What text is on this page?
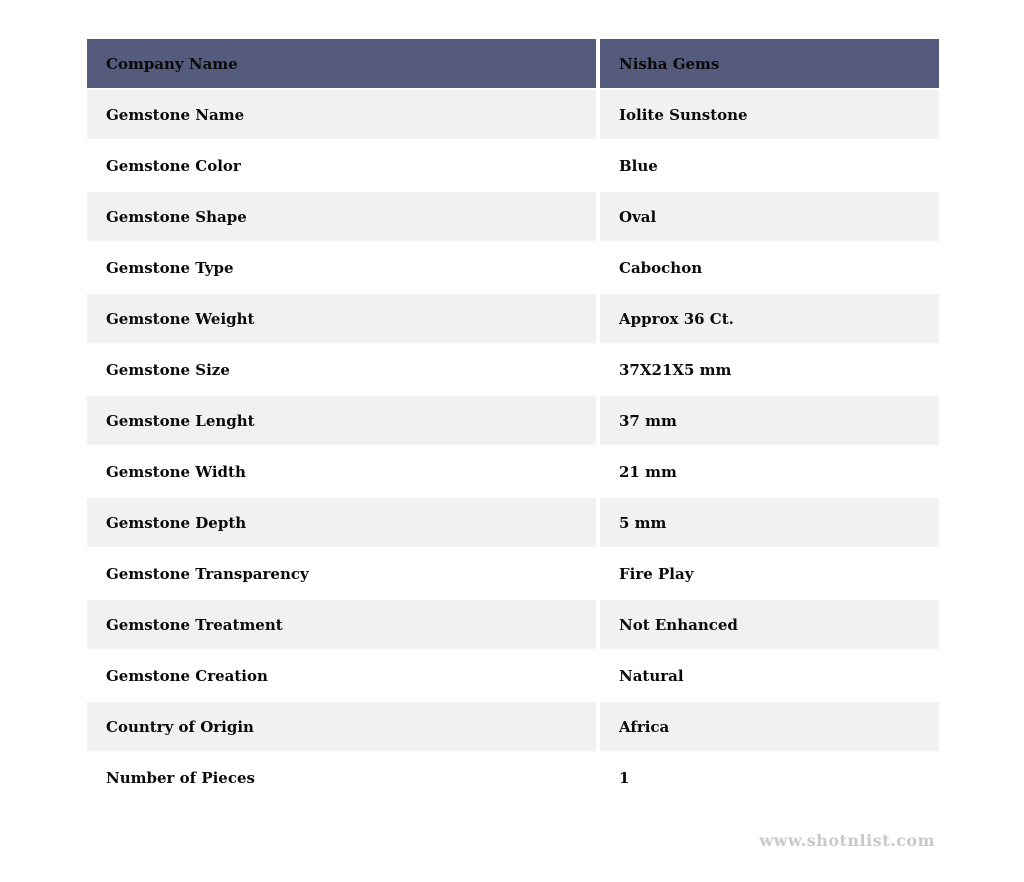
Company Name	Nisha Gems
Gemstone Name	Iolite Sunstone
Gemstone Color	Blue
Gemstone Shape	Oval
Gemstone Type	Cabochon
Gemstone Weight	Approx 36 Ct.
Gemstone Size	37X21X5 mm
Gemstone Lenght	37 mm
Gemstone Width	21 mm
Gemstone Depth	5 mm
Gemstone Transparency	Fire Play
Gemstone Treatment	Not Enhanced
Gemstone Creation	Natural
Country of Origin	Africa
Number of Pieces	1
www.shotnlist.com
